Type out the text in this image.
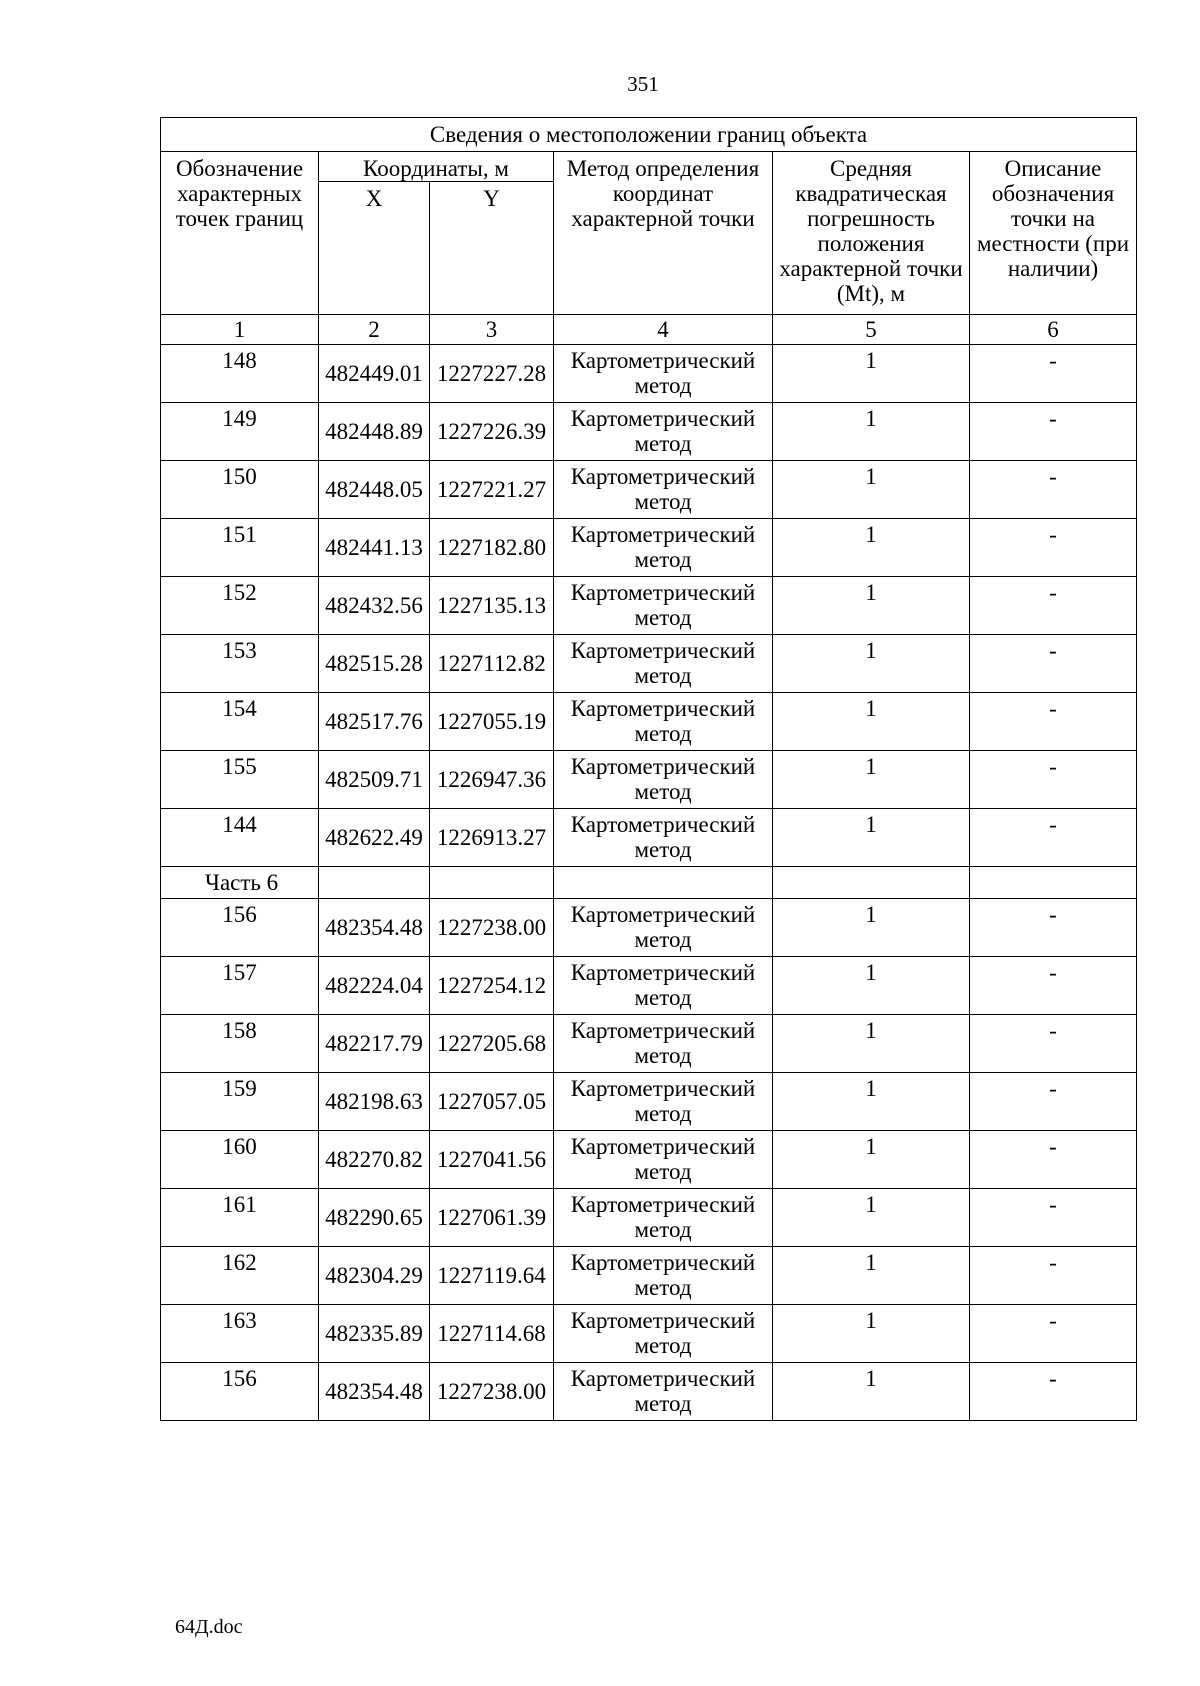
351
Сведения о местоположении границ объекта					
Обозначение характерных точек границ	Координаты, м		Метод определения координат характерной точки	Средняя квадратическая погрешность положения характерной точки (Mt), м	Описание обозначения точки на местности (при наличии)
	X	Y			
1	2	3	4	5	6
148	482449.01	1227227.28	Картометрический метод	1	-
149	482448.89	1227226.39	Картометрический метод	1	-
150	482448.05	1227221.27	Картометрический метод	1	-
151	482441.13	1227182.80	Картометрический метод	1	-
152	482432.56	1227135.13	Картометрический метод	1	-
153	482515.28	1227112.82	Картометрический метод	1	-
154	482517.76	1227055.19	Картометрический метод	1	-
155	482509.71	1226947.36	Картометрический метод	1	-
144	482622.49	1226913.27	Картометрический метод	1	-
Часть 6					
156	482354.48	1227238.00	Картометрический метод	1	-
157	482224.04	1227254.12	Картометрический метод	1	-
158	482217.79	1227205.68	Картометрический метод	1	-
159	482198.63	1227057.05	Картометрический метод	1	-
160	482270.82	1227041.56	Картометрический метод	1	-
161	482290.65	1227061.39	Картометрический метод	1	-
162	482304.29	1227119.64	Картометрический метод	1	-
163	482335.89	1227114.68	Картометрический метод	1	-
156	482354.48	1227238.00	Картометрический метод	1	-
64Д.doc
